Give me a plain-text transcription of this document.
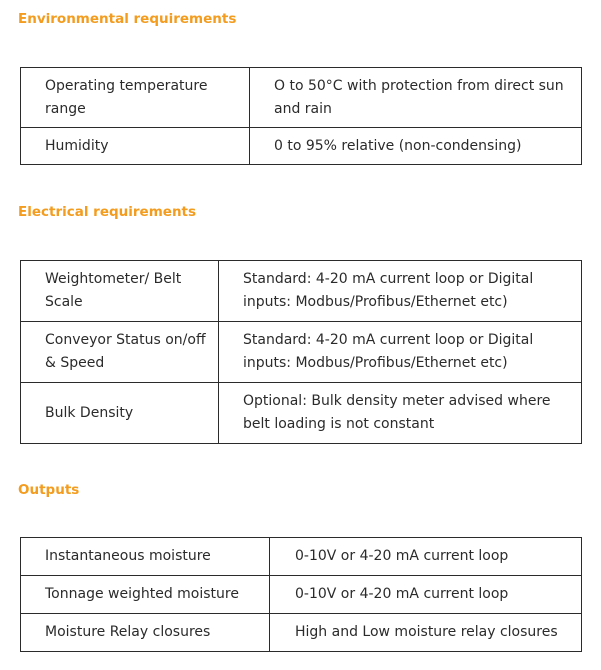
Environmental requirements
Operating temperature range	O to 50°C with protection from direct sun and rain
Humidity	0 to 95% relative (non-condensing)
Electrical requirements
Weightometer/ Belt Scale	Standard: 4-20 mA current loop or Digital inputs: Modbus/Profibus/Ethernet etc)
Conveyor Status on/off & Speed	Standard: 4-20 mA current loop or Digital inputs: Modbus/Profibus/Ethernet etc)
Bulk Density	Optional: Bulk density meter advised where belt loading is not constant
Outputs
Instantaneous moisture	0-10V or 4-20 mA current loop
Tonnage weighted moisture	0-10V or 4-20 mA current loop
Moisture Relay closures	High and Low moisture relay closures
